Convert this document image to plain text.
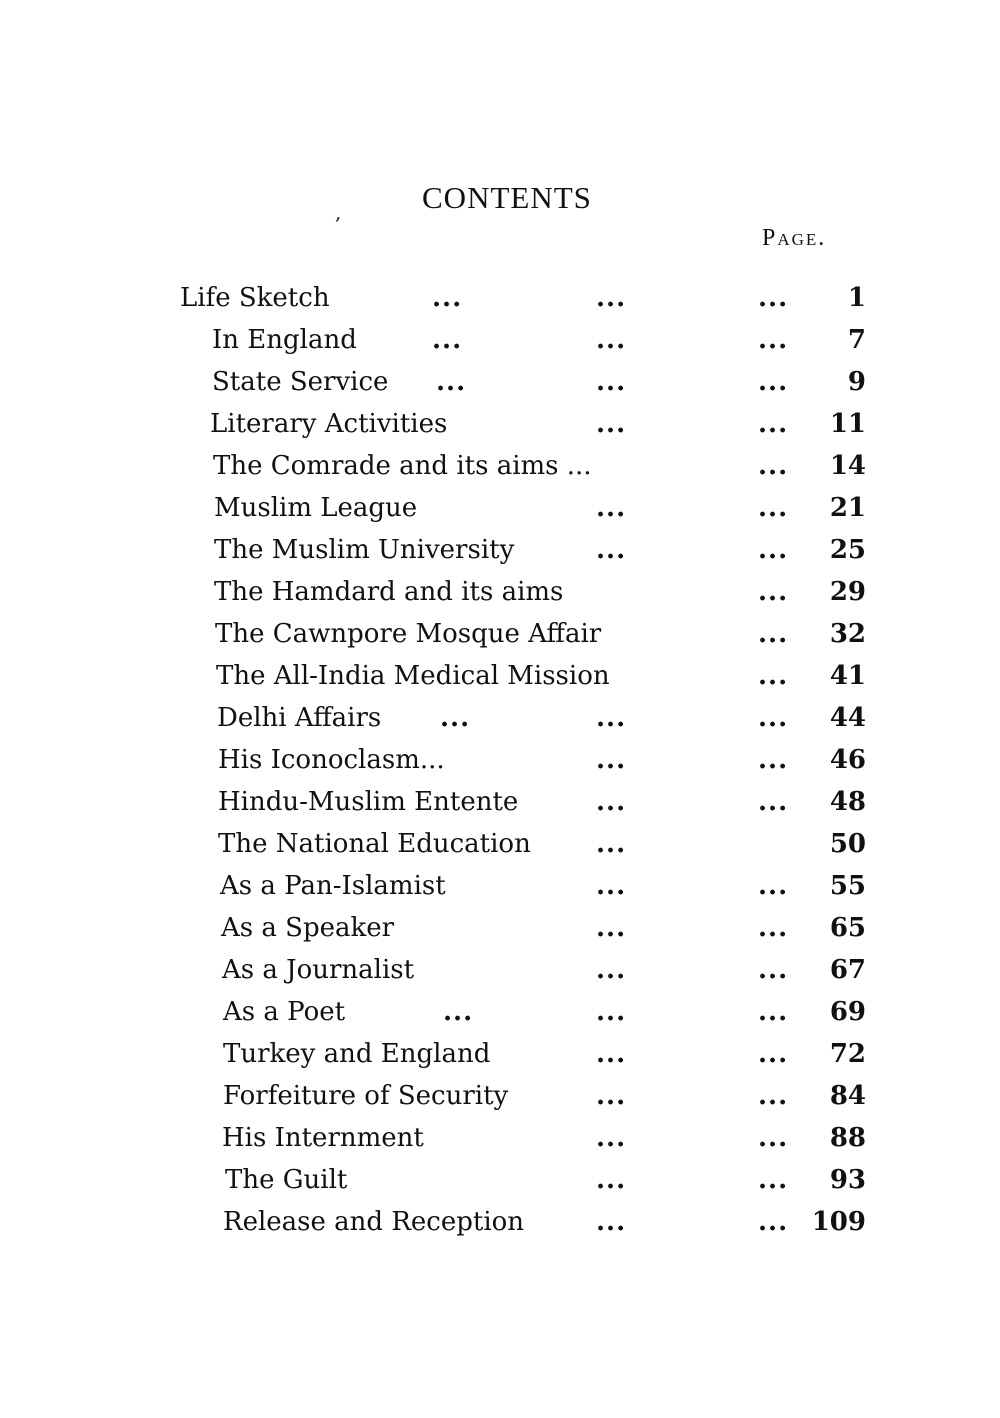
,	CONTENTS
Page.
Life Sketch	...	...	... 1
In England	...	...	... 7
State Service ...	...	... 9
Literary Activities	...	... 11
The Comrade and its aims ...	... 14
Muslim League	...	... 21
The Muslim University	...	... 25
The Hamdard and its aims	... 29
The Cawnpore Mosque Affair	... 32
The All-India Medical Mission	... 41
Delhi Affairs ...	...	... 44
His Iconoclasm...	...	... 46
Hindu-Muslim Entente	...	... 48
The National Education	...	50
As a Pan-Islamist	...	... 55
As a Speaker	...	... 65
As a Journalist	...	... 67
As a Poet	...	...	... 69
Turkey and England	...	... 72
Forfeiture of Security	...	... 84
His Internment	...	... 88
The Guilt	...	... 93
Release and Reception	...	... 109
